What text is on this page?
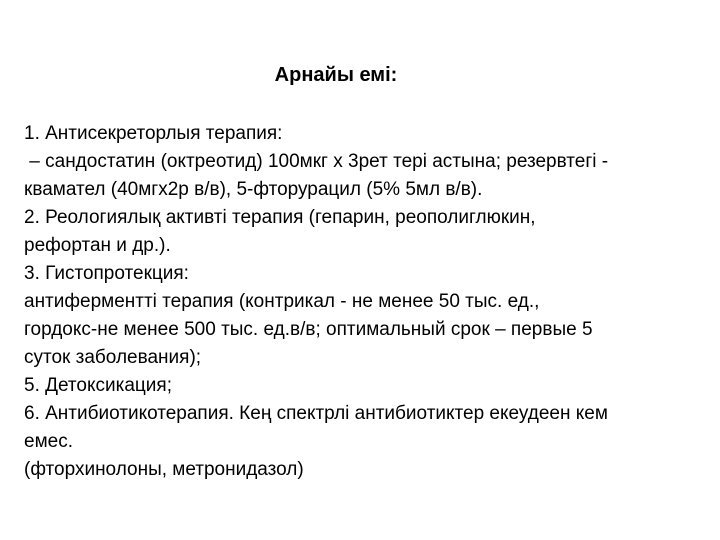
Арнайы емі:
1. Антисекреторлыя терапия:
– сандостатин (октреотид) 100мкг х 3рет тері астына; резервтегі -
квамател (40мгх2р в/в), 5-фторурацил (5% 5мл в/в).
2. Реологиялық активті терапия (гепарин, реополиглюкин,
рефортан и др.).
3. Гистопротекция:
антиферментті терапия (контрикал - не менее 50 тыс. ед.,
гордокс-не менее 500 тыс. ед.в/в; оптимальный срок – первые 5
суток заболевания);
5. Детоксикация;
6. Антибиотикотерапия. Кең спектрлі антибиотиктер екеудеен кем
емес.
(фторхинолоны, метронидазол)
